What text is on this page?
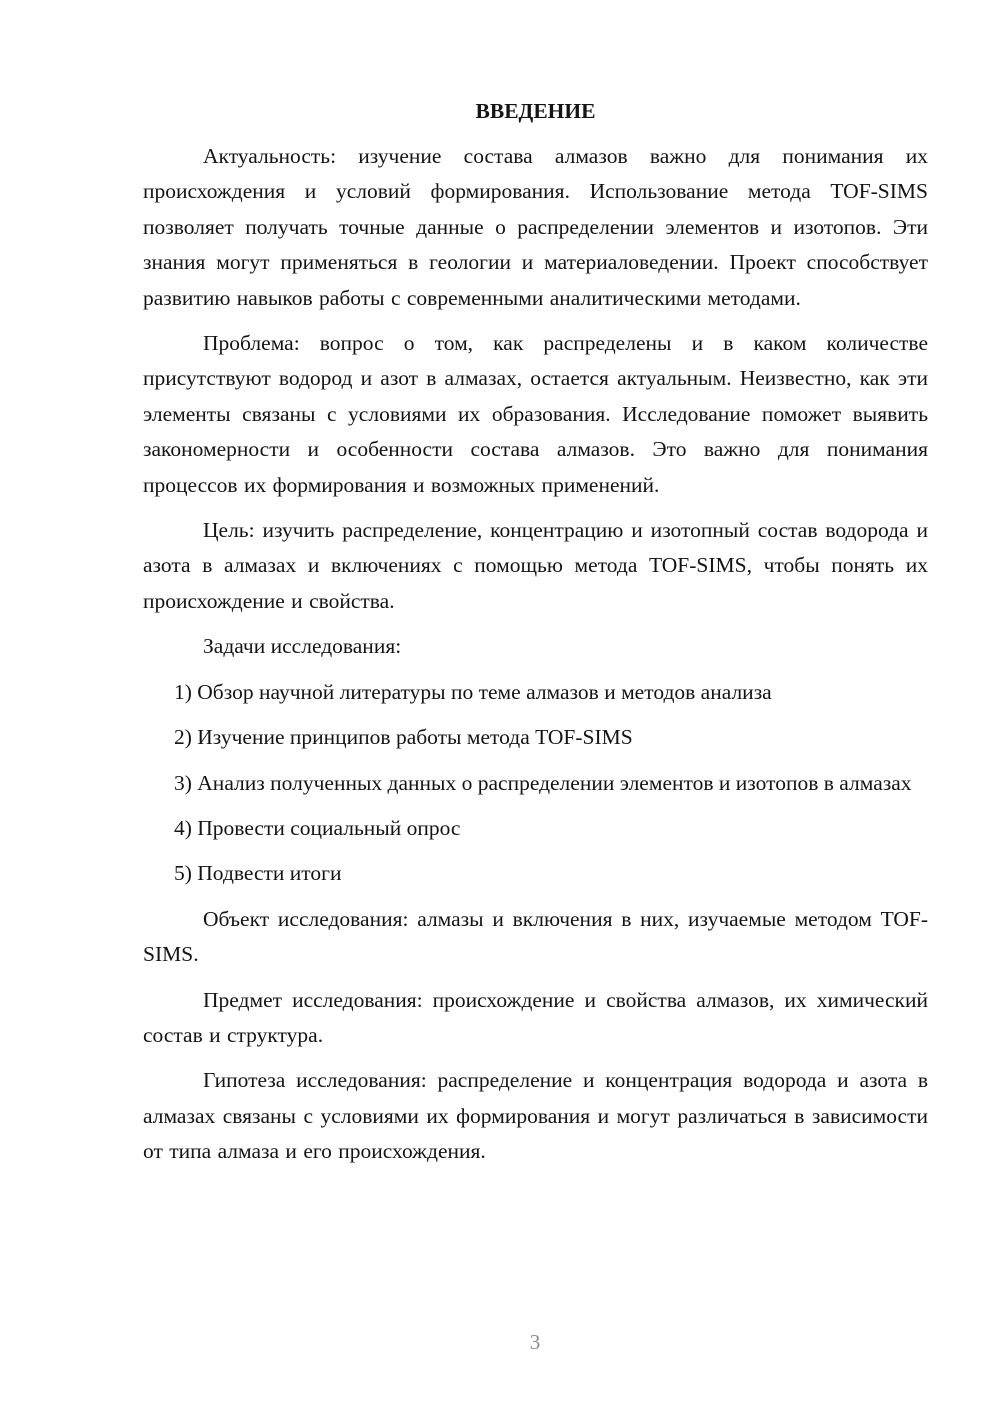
ВВЕДЕНИЕ

Актуальность: изучение состава алмазов важно для понимания их происхождения и условий формирования. Использование метода TOF-SIMS позволяет получать точные данные о распределении элементов и изотопов. Эти знания могут применяться в геологии и материаловедении. Проект способствует развитию навыков работы с современными аналитическими методами.

Проблема: вопрос о том, как распределены и в каком количестве присутствуют водород и азот в алмазах, остается актуальным. Неизвестно, как эти элементы связаны с условиями их образования. Исследование поможет выявить закономерности и особенности состава алмазов. Это важно для понимания процессов их формирования и возможных применений.

Цель: изучить распределение, концентрацию и изотопный состав водорода и азота в алмазах и включениях с помощью метода TOF-SIMS, чтобы понять их происхождение и свойства.

Задачи исследования:

1) Обзор научной литературы по теме алмазов и методов анализа

2) Изучение принципов работы метода TOF-SIMS

3) Анализ полученных данных о распределении элементов и изотопов в алмазах

4) Провести социальный опрос

5) Подвести итоги

Объект исследования: алмазы и включения в них, изучаемые методом TOF-SIMS.

Предмет исследования: происхождение и свойства алмазов, их химический состав и структура.

Гипотеза исследования: распределение и концентрация водорода и азота в алмазах связаны с условиями их формирования и могут различаться в зависимости от типа алмаза и его происхождения.

3
